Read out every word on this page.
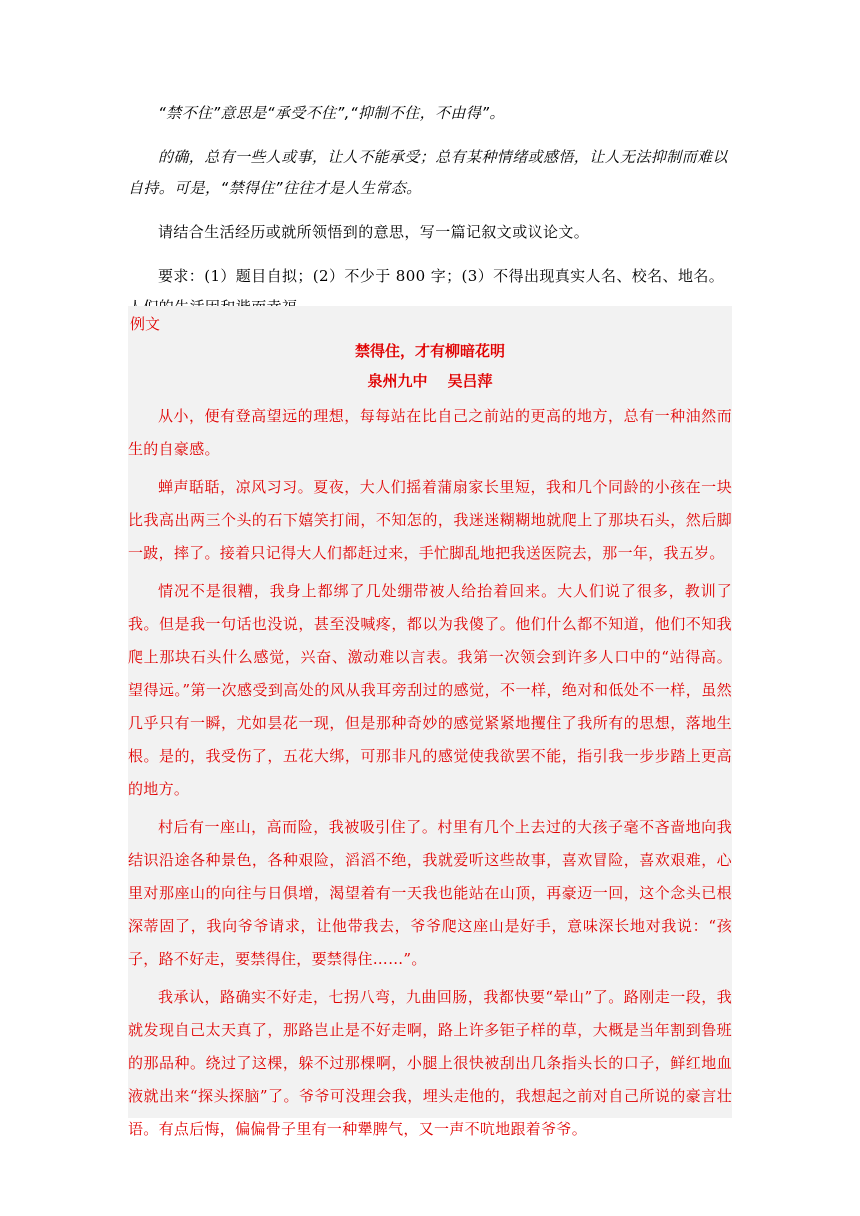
“禁不住”意思是“承受不住”,“抑制不住，不由得”。

的确，总有一些人或事，让人不能承受；总有某种情绪或感悟，让人无法抑制而难以自持。可是，“禁得住”往往才是人生常态。

请结合生活经历或就所领悟到的意思，写一篇记叙文或议论文。

要求：(1）题目自拟；(2）不少于 800 字；(3）不得出现真实人名、校名、地名。

例文

禁得住，才有柳暗花明
泉州九中 吴吕萍

从小，便有登高望远的理想，每每站在比自己之前站的更高的地方，总有一种油然而生的自豪感。

蝉声聒聒，凉风习习。夏夜，大人们摇着蒲扇家长里短，我和几个同龄的小孩在一块比我高出两三个头的石下嬉笑打闹，不知怎的，我迷迷糊糊地就爬上了那块石头，然后脚一跛，摔了。接着只记得大人们都赶过来，手忙脚乱地把我送医院去，那一年，我五岁。

情况不是很糟，我身上都绑了几处绷带被人给抬着回来。大人们说了很多，教训了我。但是我一句话也没说，甚至没喊疼，都以为我傻了。他们什么都不知道，他们不知我爬上那块石头什么感觉，兴奋、激动难以言表。我第一次领会到许多人口中的“站得高。望得远。”第一次感受到高处的风从我耳旁刮过的感觉，不一样，绝对和低处不一样，虽然几乎只有一瞬，尤如昙花一现，但是那种奇妙的感觉紧紧地攫住了我所有的思想，落地生根。是的，我受伤了，五花大绑，可那非凡的感觉使我欲罢不能，指引我一步步踏上更高的地方。

村后有一座山，高而险，我被吸引住了。村里有几个上去过的大孩子毫不吝啬地向我结识沿途各种景色，各种艰险，滔滔不绝，我就爱听这些故事，喜欢冒险，喜欢艰难，心里对那座山的向往与日俱增，渴望着有一天我也能站在山顶，再豪迈一回，这个念头已根深蒂固了，我向爷爷请求，让他带我去，爷爷爬这座山是好手，意味深长地对我说：“孩子，路不好走，要禁得住，要禁得住……”。

我承认，路确实不好走，七拐八弯，九曲回肠，我都快要“晕山”了。路刚走一段，我就发现自己太天真了，那路岂止是不好走啊，路上许多钜子样的草，大概是当年割到鲁班的那品种。绕过了这棵，躲不过那棵啊，小腿上很快被刮出几条指头长的口子，鲜红地血液就出来“探头探脑”了。爷爷可没理会我，埋头走他的，我想起之前对自己所说的豪言壮语。有点后悔，偏偏骨子里有一种犟脾气，又一声不吭地跟着爷爷。
